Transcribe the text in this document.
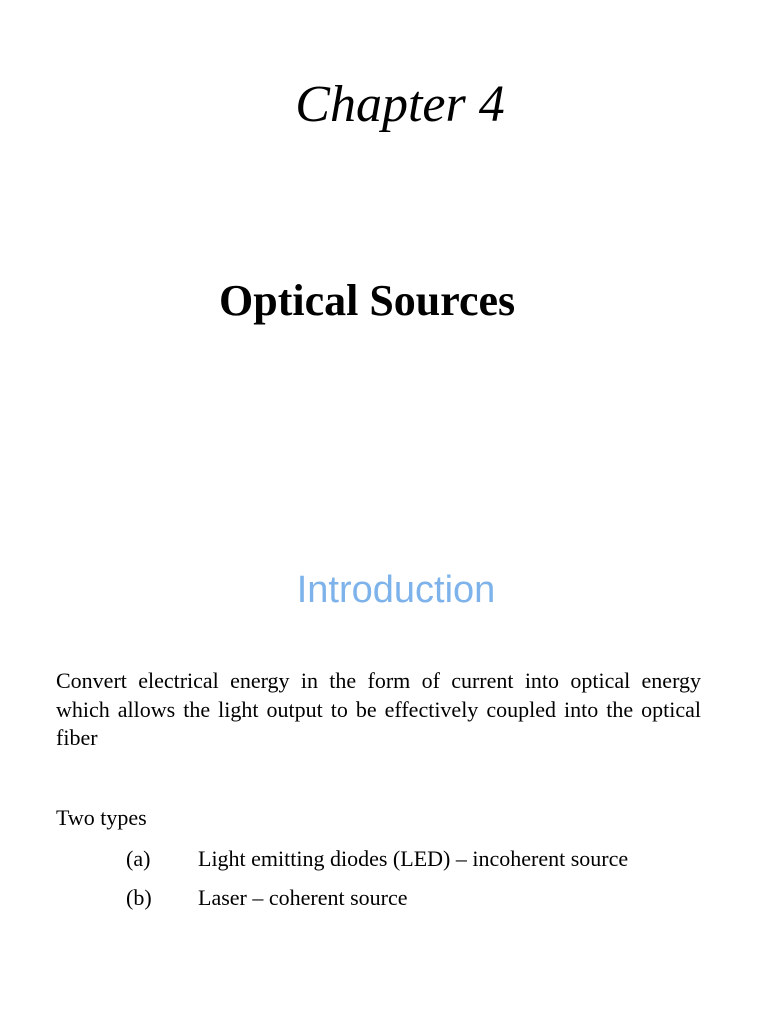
Chapter 4
Optical Sources
Introduction
Convert electrical energy in the form of current into optical energy which allows the light output to be effectively coupled into the optical fiber
Two types
(a) Light emitting diodes (LED) – incoherent source
(b) Laser – coherent source
